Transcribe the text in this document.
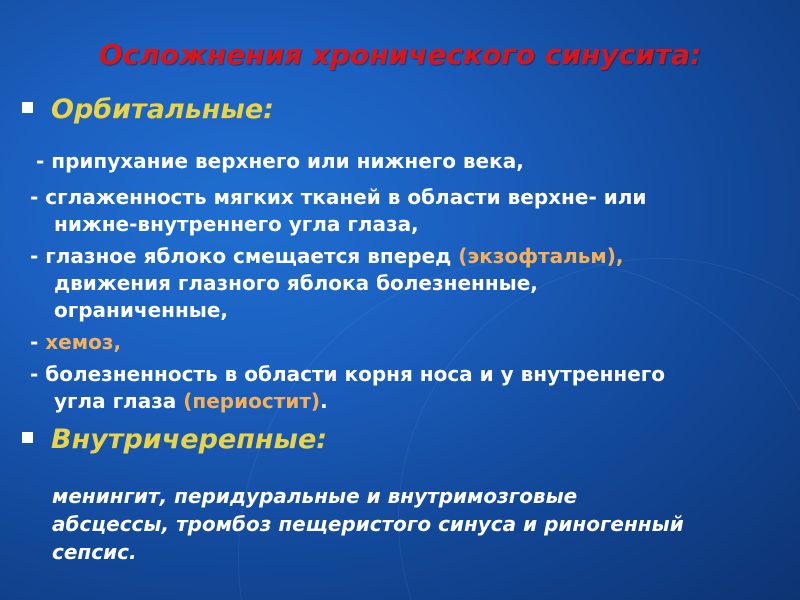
Осложнения хронического синусита:
Орбитальные:
- припухание верхнего или нижнего века,
- сглаженность мягких тканей в области верхне- или
нижне-внутреннего угла глаза,
- глазное яблоко смещается вперед (экзофтальм),
движения глазного яблока болезненные,
ограниченные,
- хемоз,
- болезненность в области корня носа и у внутреннего
угла глаза (периостит).
Внутричерепные:
менингит, перидуральные и внутримозговые
абсцессы, тромбоз пещеристого синуса и риногенный
сепсис.
